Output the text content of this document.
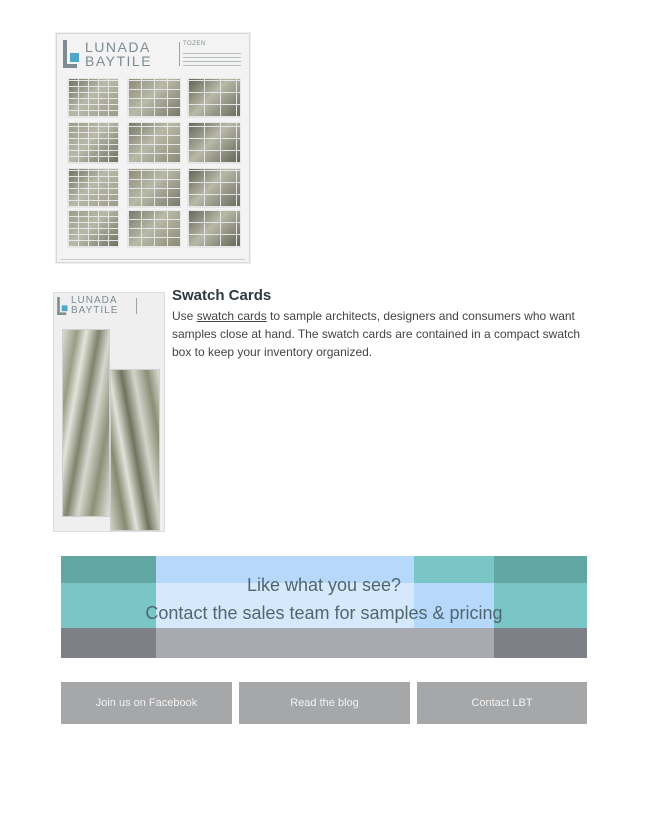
LUNADA
BAYTILE
TOZEN
LUNADA
BAYTILE
Swatch Cards

Use swatch cards to sample architects, designers and consumers who want samples close at hand. The swatch cards are contained in a compact swatch box to keep your inventory organized.

Like what you see?
Contact the sales team for samples & pricing
Join us on Facebook	Read the blog	Contact LBT
